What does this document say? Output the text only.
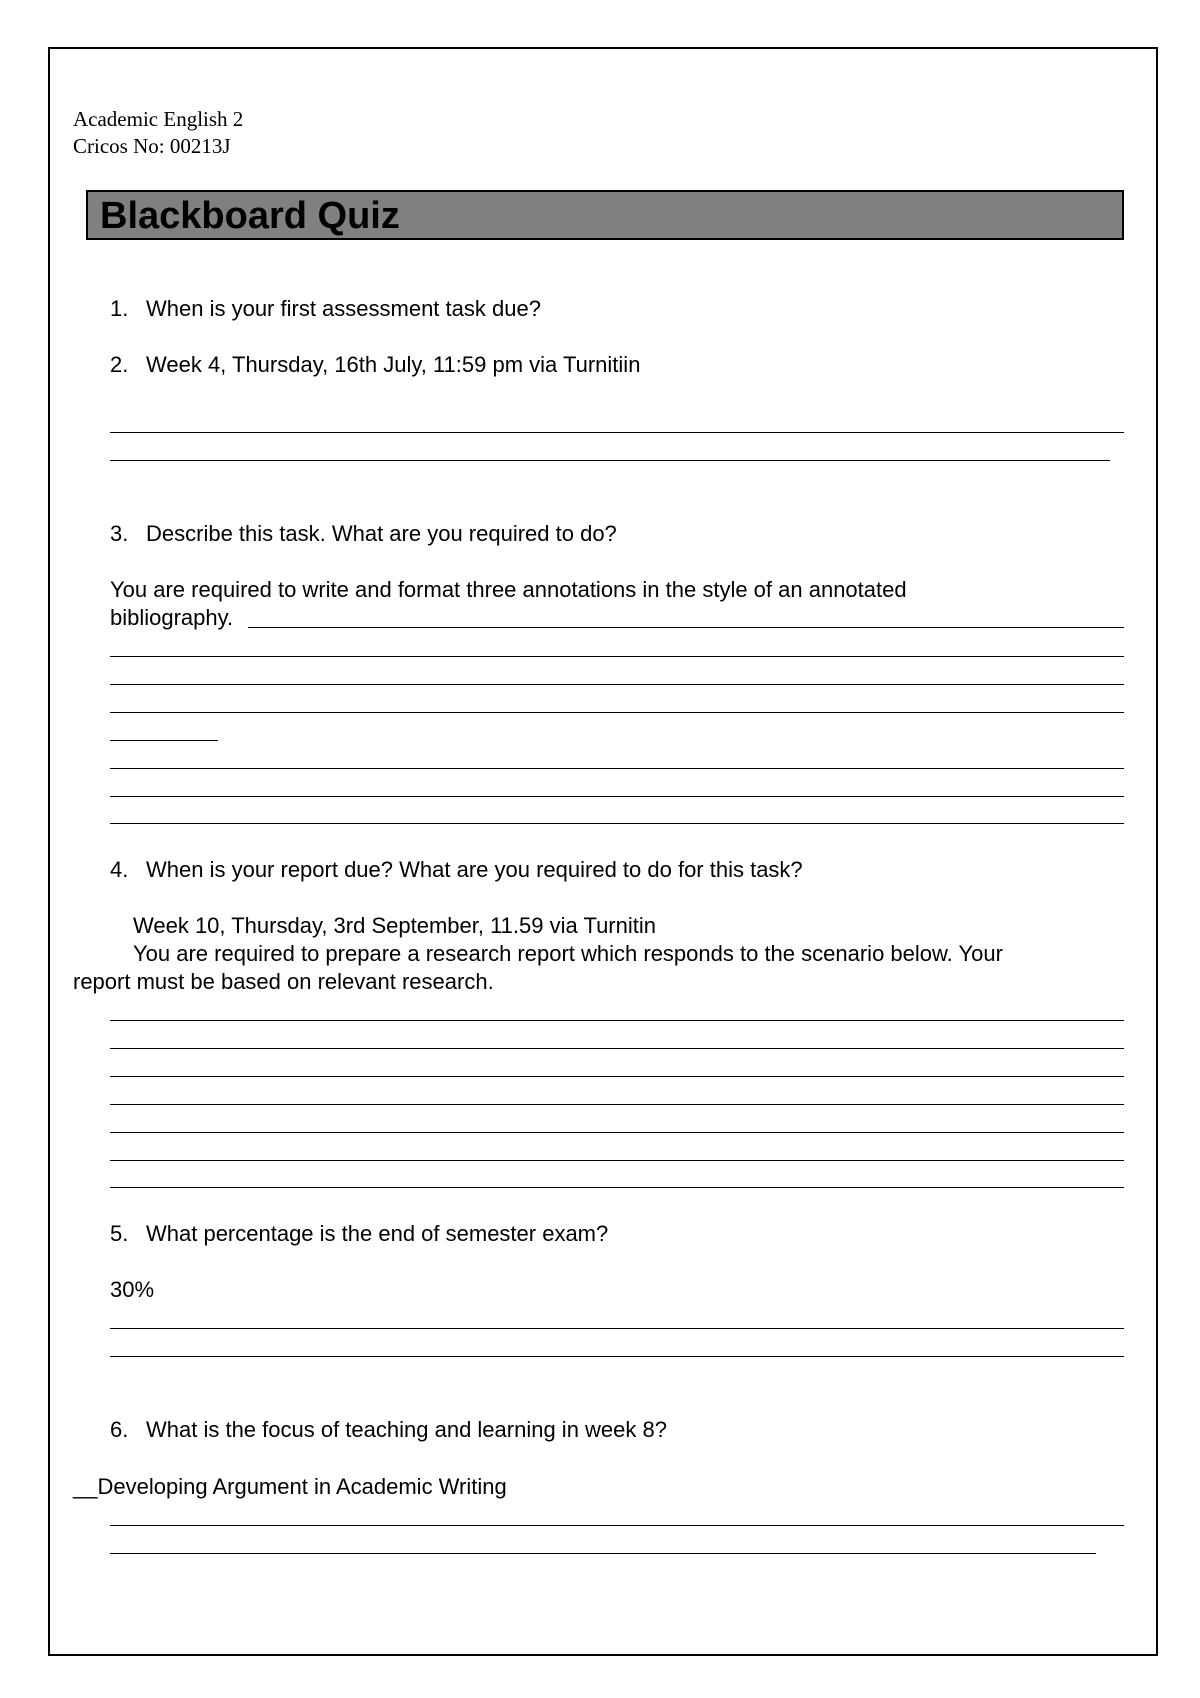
Academic English 2
Cricos No: 00213J
Blackboard Quiz
1. When is your first assessment task due?
2. Week 4, Thursday, 16th July, 11:59 pm via Turnitiin
3. Describe this task. What are you required to do?
You are required to write and format three annotations in the style of an annotated
bibliography.
4. When is your report due? What are you required to do for this task?
Week 10, Thursday, 3rd September, 11.59 via Turnitin
You are required to prepare a research report which responds to the scenario below. Your
report must be based on relevant research.
5. What percentage is the end of semester exam?
30%
6. What is the focus of teaching and learning in week 8?
__Developing Argument in Academic Writing
